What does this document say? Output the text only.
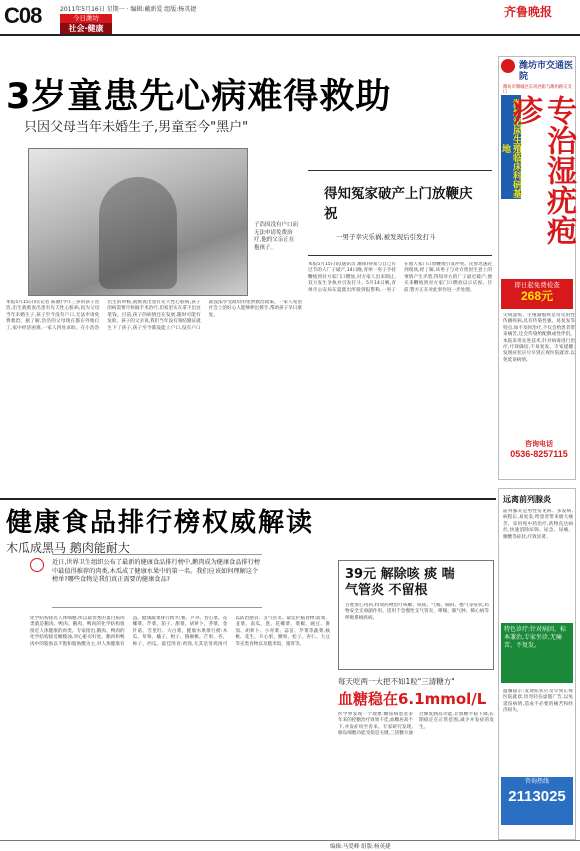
C08	2011年5月16日 星期一 · 编辑:戴新爱 组版:杨英捷
今日潍坊
社会·健康
齐鲁晚报
3岁童患先心病难得救助
只因父母当年未婚生子,男童至今"黑户"
子浩因没有户口而无法申请免费治疗,他的父亲正在抱孩子。
本报5月15日讯(记者 陈渤)今年三岁的孩子浩浩,出生就被查出患有先天性心脏病,因为父母当年未婚生子,孩子至今没有户口,无法申请免费救治。据了解,浩浩的父母现在都在外地打工,家中经济困难,一家人四处求助。在小浩浩出生的时候,就被查出患有先天性心脏病,孩子的病需要尽快做手术治疗,但家里实在拿不出这笔钱。目前,孩子的病情还在发展,随时可能有危险。孩子的父亲说,我们当年没有领结婚证就生下了孩子,孩子至今都没能上户口,没有户口就没法享受政府的免费救治政策。一家人希望社会上的好心人能够伸出援手,帮助孩子早日康复。
得知冤家破产上门放鞭庆祝
一男子幸灾乐祸,被发现后引发打斗
本报5月15日讯(通讯员 潘锋)得知与自己有过节的人厂子破产,14日晚,青州一男子手持鞭炮到对方家门口燃放,对方家人出来制止,双方发生争执并引发打斗。5月14日晚,青州市公安局东夏派出所接到报警称,一男子在他人家门口放鞭炮引发冲突。民警迅速赶到现场,经了解,该男子与对方曾因生意上的事情产生矛盾,得知对方的厂子最近破产,便买来鞭炮到对方家门口燃放以示庆祝。目前,警方正在对此事作进一步处理。
潍坊市交通医院
潍坊市潍城区东风西街与潍州路交叉口
潍坊泌尿生殖临床科研基地	专治湿疣疱疹
即日起免费检查
268元
尖锐湿疣、生殖器疱疹是常见的性传播疾病,具有传染性强、易复发等特点,如不及时治疗,不仅会给患者带来痛苦,还会传染给配偶或性伴侣。本院采用先进技术,针对病毒进行治疗,疗效确切,不易复发。专家提醒:发现症状应尽早到正规医院就诊,以免延误病情。
咨询电话
0536-8257115
健康食品排行榜权威解读
木瓜成黑马 鹅肉能耐大
近日,世界卫生组织公布了最新的健康食品排行榜中,鹅肉成为健康食品排行榜中最值得推荐的肉类,木瓜成了健康水果中的第一名。我们应该如何理解这个榜单?哪些食物是我们真正需要的健康食品?
化学结构接近人体细胞,所以最优秀的蛋白质肉类就是鹅肉、鸭肉。鹅肉、鸭肉的化学结构很接近人体健康的肉类。专家指出,鹅肉、鸭肉的化学结构接近橄榄油,对心脏有好处。鹅肉和鸭肉中的脂肪以不饱和脂肪酸为主,对人体健康有益。健康蔬菜排行榜:红薯、芦笋、卷心菜、花椰菜、芹菜、茄子、甜菜、胡萝卜、荠菜、金针菇、雪里红、大白菜。健康水果排行榜:木瓜、草莓、橘子、柑子、猕猴桃、芒果、杏、柿子、西瓜。最佳汤食:鸡汤,尤其是母鸡汤可以防治感冒、支气管炎。最佳护脑食物:菠菜、韭菜、南瓜、葱、花椰菜、菜椒、豌豆、番茄、胡萝卜、小青菜、蒜苗、芹菜等蔬菜,核桃、花生、开心果、腰果、松子、杏仁、大豆等壳类食物以及糙米饭、猪肝等。
39元 解除咳 痰 喘
气管炎 不留根
百姓放心用药,特效药物治疗咳嗽、咳痰、气喘、胸闷、憋气等症状,药物安全无毒副作用。适用于急慢性支气管炎、哮喘、肺气肿、肺心病等呼吸系统疾病。
每天吃两一大把不如1粒"三清糖方"
血糖稳在6.1mmol/L
医学界发现一个现象:糖尿病患者多年来的控糖治疗效果不佳,血糖居高不下,并发症纷至沓来。专家研究发现,胰岛细胞功能受损是关键,三清糖方通过修复胰岛功能,让血糖平稳下降,长期稳定在正常范围,减少并发症的发生。
远离前列腺炎
前列腺炎是男性常见病、多发病,病程长,易复发,给患者带来极大痛苦。采用纯中药治疗,药物直达病灶,快速消除尿频、尿急、尿痛、腰酸等症状,疗效显著。
特色诊疗:针对病因、标本兼治,专家坐诊,无痛苦、不复发。
温馨提示:发现症状应及早到正规医院就诊,切勿轻信虚假广告,以免延误病情,造成不必要的痛苦和经济损失。
咨询热线
2113025
编辑:马爱峰 组版:杨英捷
